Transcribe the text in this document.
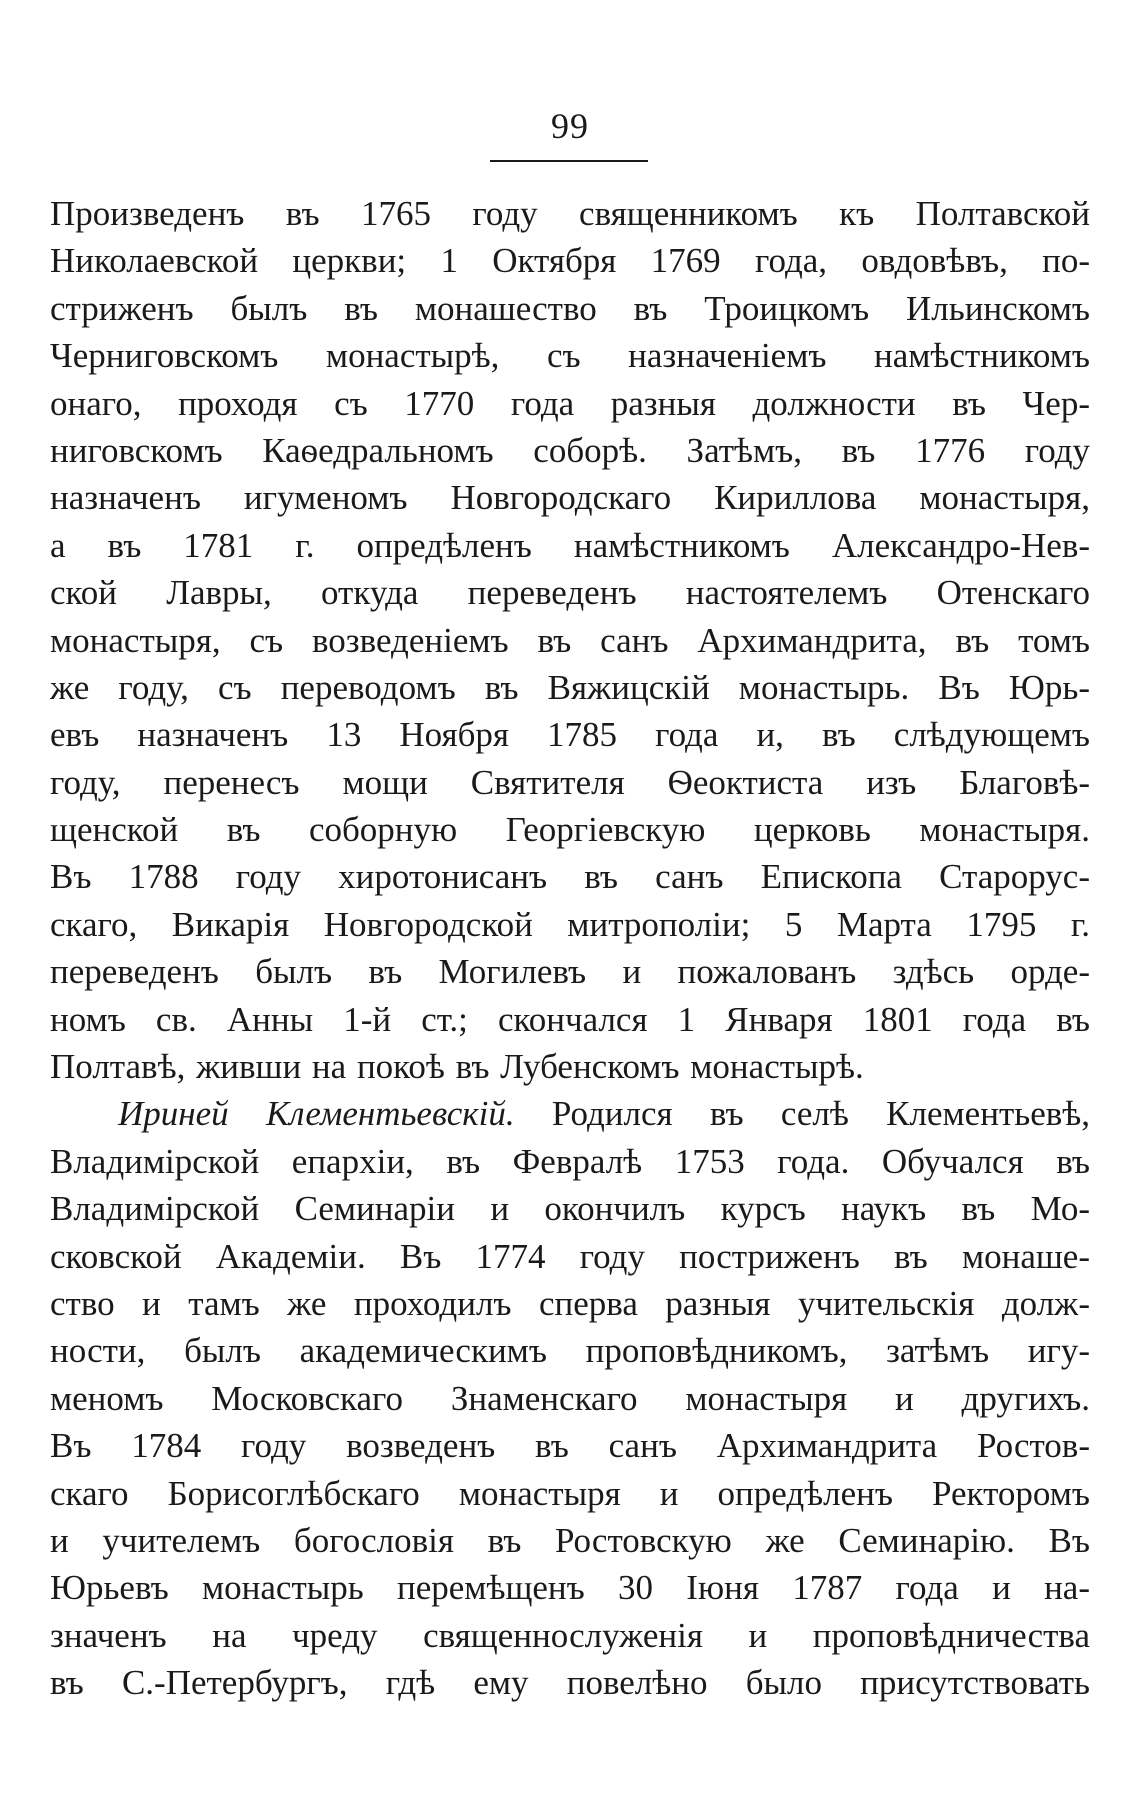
99
Произведенъ въ 1765 году священникомъ къ Полтавской
Николаевской церкви; 1 Октября 1769 года, овдовѣвъ, по-
стриженъ былъ въ монашество въ Троицкомъ Ильинскомъ
Черниговскомъ монастырѣ, съ назначеніемъ намѣстникомъ
онаго, проходя съ 1770 года разныя должности въ Чер-
ниговскомъ Каѳедральномъ соборѣ. Затѣмъ, въ 1776 году
назначенъ игуменомъ Новгородскаго Кириллова монастыря,
а въ 1781 г. опредѣленъ намѣстникомъ Александро-Нев-
ской Лавры, откуда переведенъ настоятелемъ Отенскаго
монастыря, съ возведеніемъ въ санъ Архимандрита, въ томъ
же году, съ переводомъ въ Вяжицскій монастырь. Въ Юрь-
евъ назначенъ 13 Ноября 1785 года и, въ слѣдующемъ
году, перенесъ мощи Святителя Ѳеоктиста изъ Благовѣ-
щенской въ соборную Георгіевскую церковь монастыря.
Въ 1788 году хиротонисанъ въ санъ Епископа Старорус-
скаго, Викарія Новгородской митрополіи; 5 Марта 1795 г.
переведенъ былъ въ Могилевъ и пожалованъ здѣсь орде-
номъ св. Анны 1-й ст.; скончался 1 Января 1801 года въ
Полтавѣ, живши на покоѣ въ Лубенскомъ монастырѣ.
Ириней Клементьевскій. Родился въ селѣ Клементьевѣ,
Владимірской епархіи, въ Февралѣ 1753 года. Обучался въ
Владимірской Семинаріи и окончилъ курсъ наукъ въ Мо-
сковской Академіи. Въ 1774 году постриженъ въ монаше-
ство и тамъ же проходилъ сперва разныя учительскія долж-
ности, былъ академическимъ проповѣдникомъ, затѣмъ игу-
меномъ Московскаго Знаменскаго монастыря и другихъ.
Въ 1784 году возведенъ въ санъ Архимандрита Ростов-
скаго Борисоглѣбскаго монастыря и опредѣленъ Ректоромъ
и учителемъ богословія въ Ростовскую же Семинарію. Въ
Юрьевъ монастырь перемѣщенъ 30 Іюня 1787 года и на-
значенъ на чреду священнослуженія и проповѣдничества
въ С.-Петербургъ, гдѣ ему повелѣно было присутствовать
